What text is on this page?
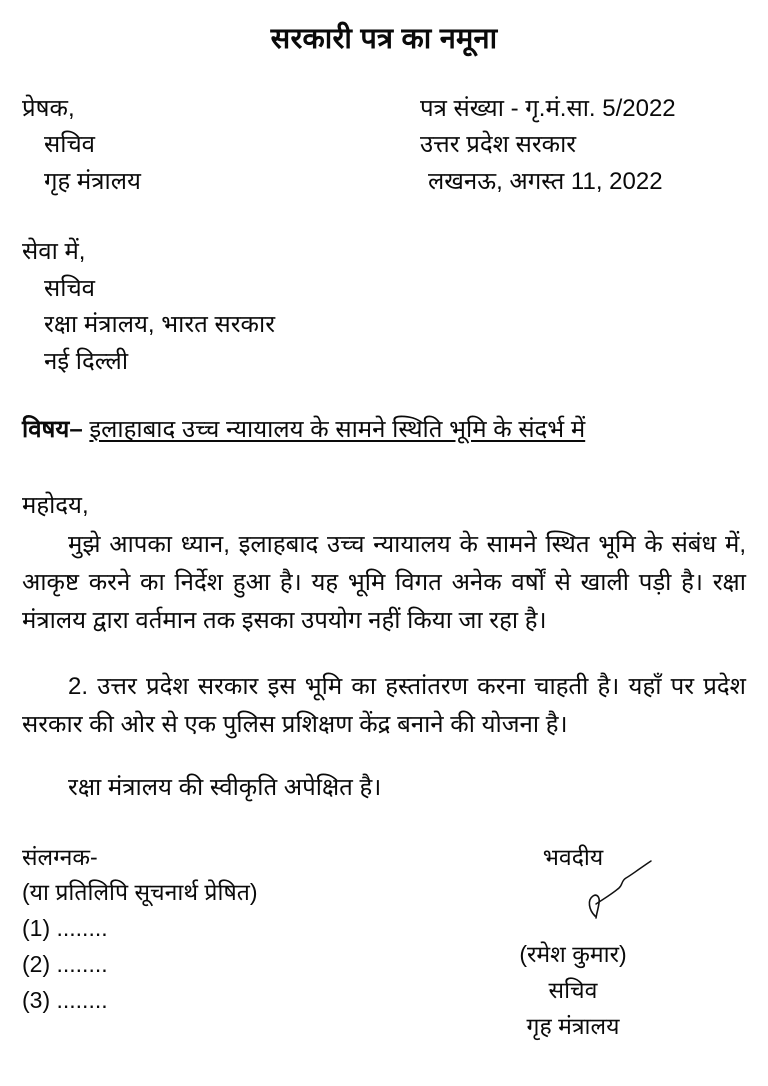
सरकारी पत्र का नमूना
प्रेषक,
सचिव
गृह मंत्रालय
पत्र संख्या - गृ.मं.सा. 5/2022
उत्तर प्रदेश सरकार
लखनऊ, अगस्त 11, 2022
सेवा में,
सचिव
रक्षा मंत्रालय, भारत सरकार
नई दिल्ली
विषय– इलाहाबाद उच्च न्यायालय के सामने स्थिति भूमि के संदर्भ में
महोदय,

मुझे आपका ध्यान, इलाहबाद उच्च न्यायालय के सामने स्थित भूमि के संबंध में, आकृष्ट करने का निर्देश हुआ है। यह भूमि विगत अनेक वर्षों से खाली पड़ी है। रक्षा मंत्रालय द्वारा वर्तमान तक इसका उपयोग नहीं किया जा रहा है।

2. उत्तर प्रदेश सरकार इस भूमि का हस्तांतरण करना चाहती है। यहाँ पर प्रदेश सरकार की ओर से एक पुलिस प्रशिक्षण केंद्र बनाने की योजना है।

रक्षा मंत्रालय की स्वीकृति अपेक्षित है।

संलग्नक-
(या प्रतिलिपि सूचनार्थ प्रेषित)
(1) ........
(2) ........
(3) ........
भवदीय
(रमेश कुमार)
सचिव
गृह मंत्रालय
